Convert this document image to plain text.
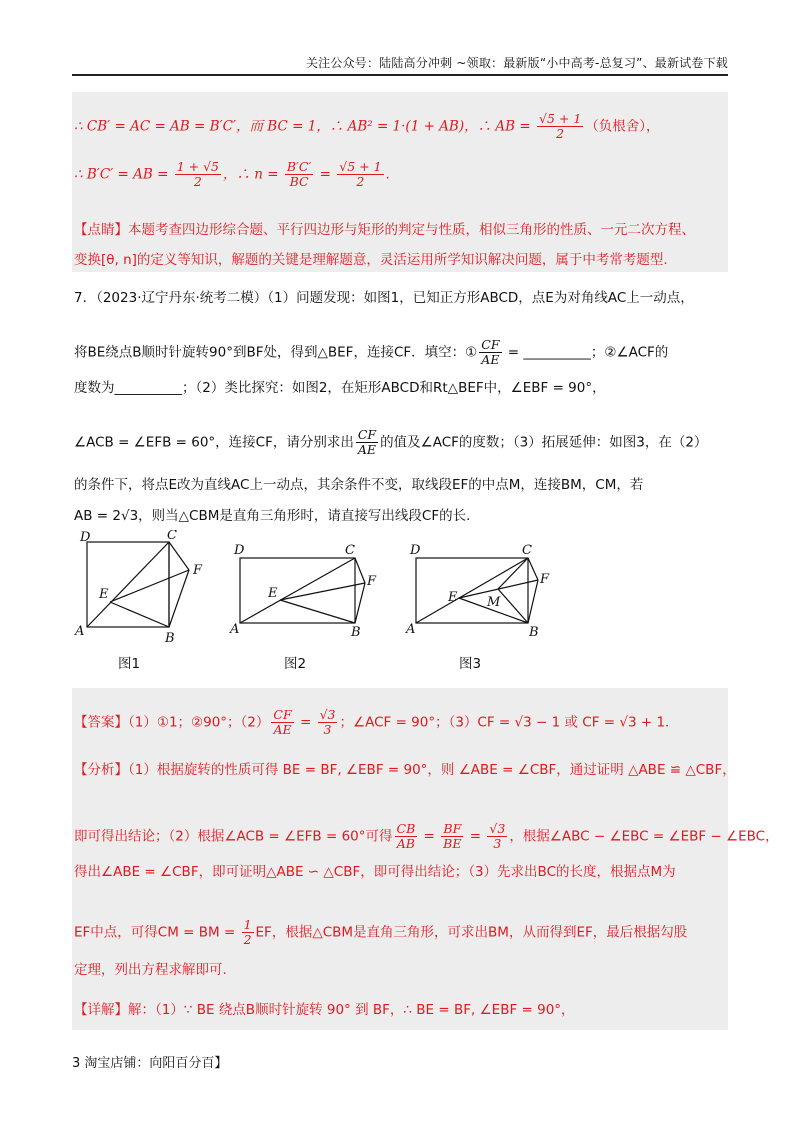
关注公众号：陆陆高分冲刺 ~领取：最新版“小中高考-总复习”、最新试卷下载
∴ CB′ = AC = AB = B′C′，而 BC = 1，∴ AB² = 1·(1 + AB)，∴ AB = $\frac{√5 + 1}{2}$ （负根舍），
∴ B′C′ = AB = $\frac{1 + √5}{2}$ ，∴ $n = \frac{B'C'}{BC} = \frac{√5 + 1}{2}$ .
【点睛】本题考查四边形综合题、平行四边形与矩形的判定与性质，相似三角形的性质、一元二次方程、
变换[θ, n]的定义等知识，解题的关键是理解题意，灵活运用所学知识解决问题，属于中考常考题型.
7．（2023·辽宁丹东·统考二模）（1）问题发现：如图1，已知正方形ABCD，点E为对角线AC上一动点，
将BE绕点B顺时针旋转90°到BF处，得到△BEF，连接CF．填空：① $\frac{CF}{AE}$ = __________；②∠ACF的
度数为__________；（2）类比探究：如图2，在矩形ABCD和Rt△BEF中，∠EBF = 90°，
∠ACB = ∠EFB = 60°，连接CF，请分别求出 $\frac{CF}{AE}$ 的值及∠ACF的度数；（3）拓展延伸：如图3，在（2）
的条件下，将点E改为直线AC上一动点，其余条件不变，取线段EF的中点M，连接BM，CM，若
AB = 2√3，则当△CBM是直角三角形时，请直接写出线段CF的长.
A	B
C
D
E
F
A	B
C
D
E
F
A	B
C
D
E
F
M
图1	图2	图3
【答案】（1）①1；②90°；$(2) \frac{CF}{AE} = \frac{√3}{3}$ ；∠ACF = 90°；（3）CF = √3 − 1 或 CF = √3 + 1．
【分析】（1）根据旋转的性质可得 BE = BF, ∠EBF = 90°，则 ∠ABE = ∠CBF，通过证明 △ABE ≌ △CBF，
即可得出结论；（2）根据∠ACB = ∠EFB = 60°可得 $\frac{CB}{AB} = \frac{BF}{BE} = \frac{√3}{3}$ ，根据∠ABC − ∠EBC = ∠EBF − ∠EBC，
得出∠ABE = ∠CBF，即可证明△ABE ∽ △CBF，即可得出结论；（3）先求出BC的长度，根据点M为
EF中点，可得CM = BM = $\frac{1}{2}$ EF，根据△CBM是直角三角形，可求出BM，从而得到EF，最后根据勾股
定理，列出方程求解即可.
【详解】解：（1）∵ BE 绕点B顺时针旋转 90° 到 BF，∴ BE = BF, ∠EBF = 90°，
3 淘宝店铺：向阳百分百】
